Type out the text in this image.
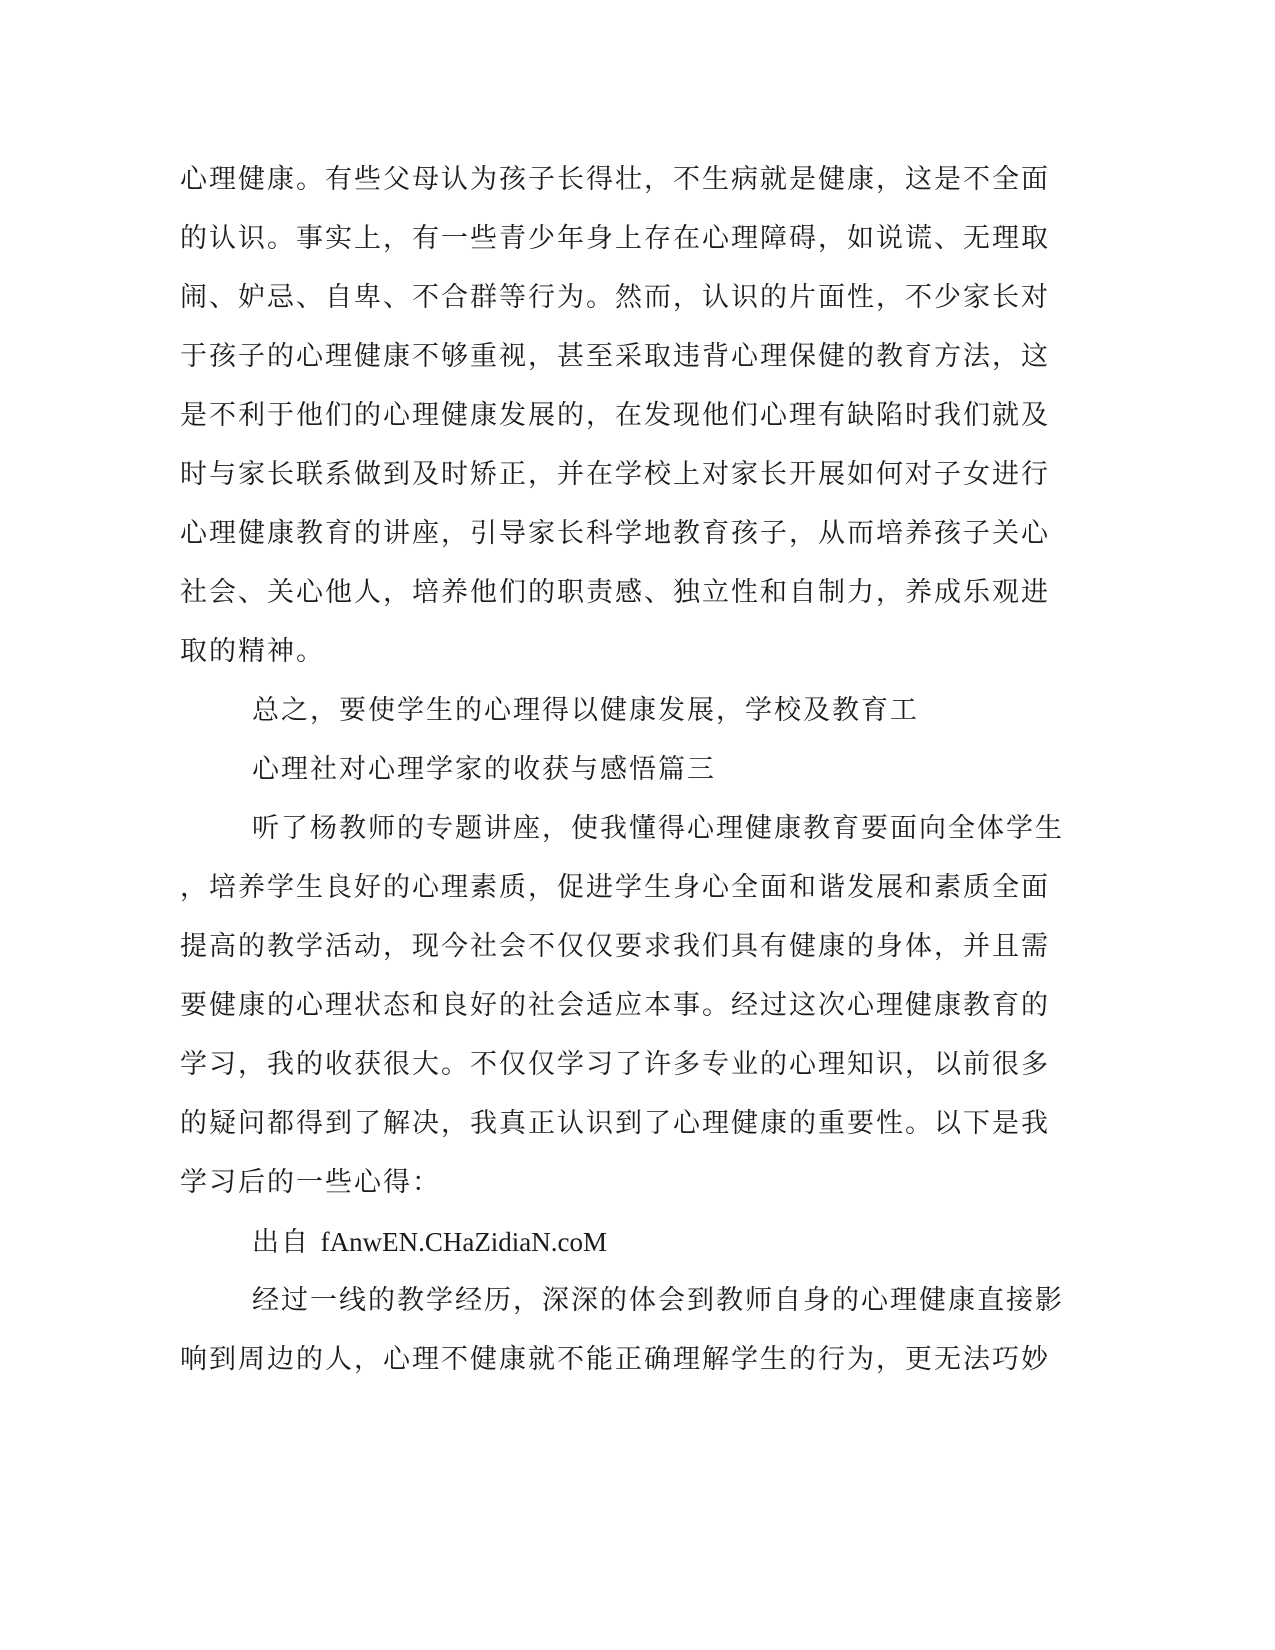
心理健康。有些父母认为孩子长得壮，不生病就是健康，这是不全面

的认识。事实上，有一些青少年身上存在心理障碍，如说谎、无理取

闹、妒忌、自卑、不合群等行为。然而，认识的片面性，不少家长对

于孩子的心理健康不够重视，甚至采取违背心理保健的教育方法，这

是不利于他们的心理健康发展的，在发现他们心理有缺陷时我们就及

时与家长联系做到及时矫正，并在学校上对家长开展如何对子女进行

心理健康教育的讲座，引导家长科学地教育孩子，从而培养孩子关心

社会、关心他人，培养他们的职责感、独立性和自制力，养成乐观进

取的精神。

总之，要使学生的心理得以健康发展，学校及教育工

心理社对心理学家的收获与感悟篇三

听了杨教师的专题讲座，使我懂得心理健康教育要面向全体学生

，培养学生良好的心理素质，促进学生身心全面和谐发展和素质全面

提高的教学活动，现今社会不仅仅要求我们具有健康的身体，并且需

要健康的心理状态和良好的社会适应本事。经过这次心理健康教育的

学习，我的收获很大。不仅仅学习了许多专业的心理知识，以前很多

的疑问都得到了解决，我真正认识到了心理健康的重要性。以下是我

学习后的一些心得：

出自 fAnwEN.CHaZidiaN.coM

经过一线的教学经历，深深的体会到教师自身的心理健康直接影

响到周边的人，心理不健康就不能正确理解学生的行为，更无法巧妙
